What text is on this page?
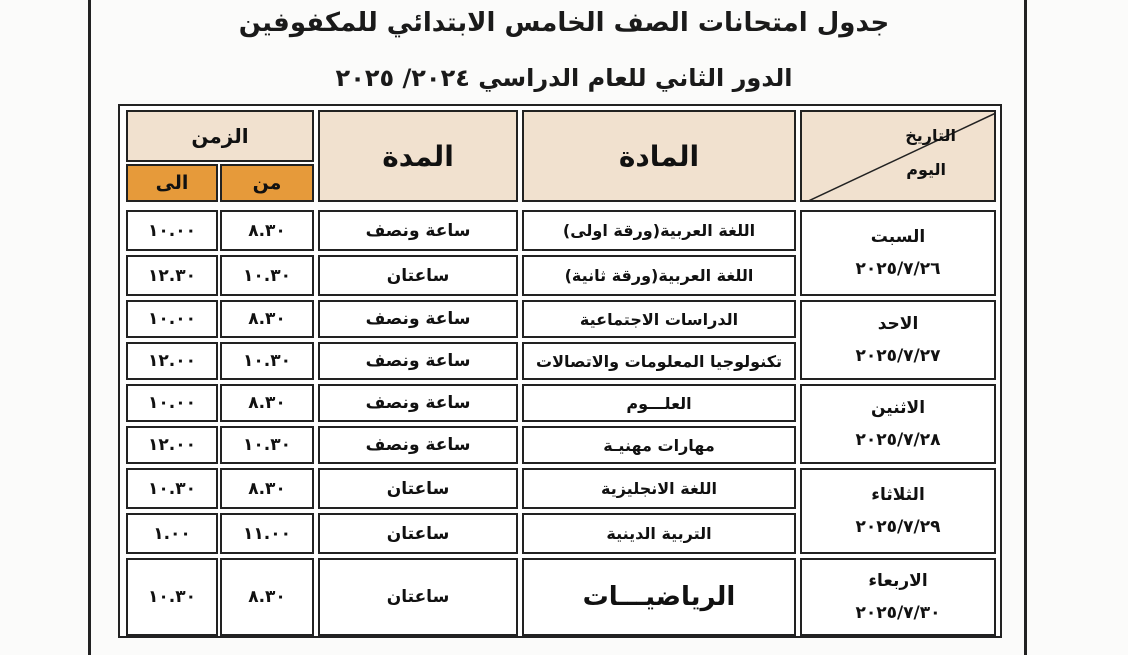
جدول امتحانات الصف الخامس الابتدائي للمكفوفين
الدور الثاني للعام الدراسي ٢٠٢٤/ ٢٠٢٥
التاريخ
اليوم
المادة
المدة
الزمن
من
الى
السبت
٢٠٢٥/٧/٢٦
اللغة العربية(ورقة اولى)
ساعة ونصف
٨.٣٠
١٠.٠٠
اللغة العربية(ورقة ثانية)
ساعتان
١٠.٣٠
١٢.٣٠
الاحد
٢٠٢٥/٧/٢٧
الدراسات الاجتماعية
ساعة ونصف
٨.٣٠
١٠.٠٠
تكنولوجيا المعلومات والاتصالات
ساعة ونصف
١٠.٣٠
١٢.٠٠
الاثنين
٢٠٢٥/٧/٢٨
العلـــوم
ساعة ونصف
٨.٣٠
١٠.٠٠
مهارات مهنيـة
ساعة ونصف
١٠.٣٠
١٢.٠٠
الثلاثاء
٢٠٢٥/٧/٢٩
اللغة الانجليزية
ساعتان
٨.٣٠
١٠.٣٠
التربية الدينية
ساعتان
١١.٠٠
١.٠٠
الاربعاء
٢٠٢٥/٧/٣٠
الرياضيـــات
ساعتان
٨.٣٠
١٠.٣٠
